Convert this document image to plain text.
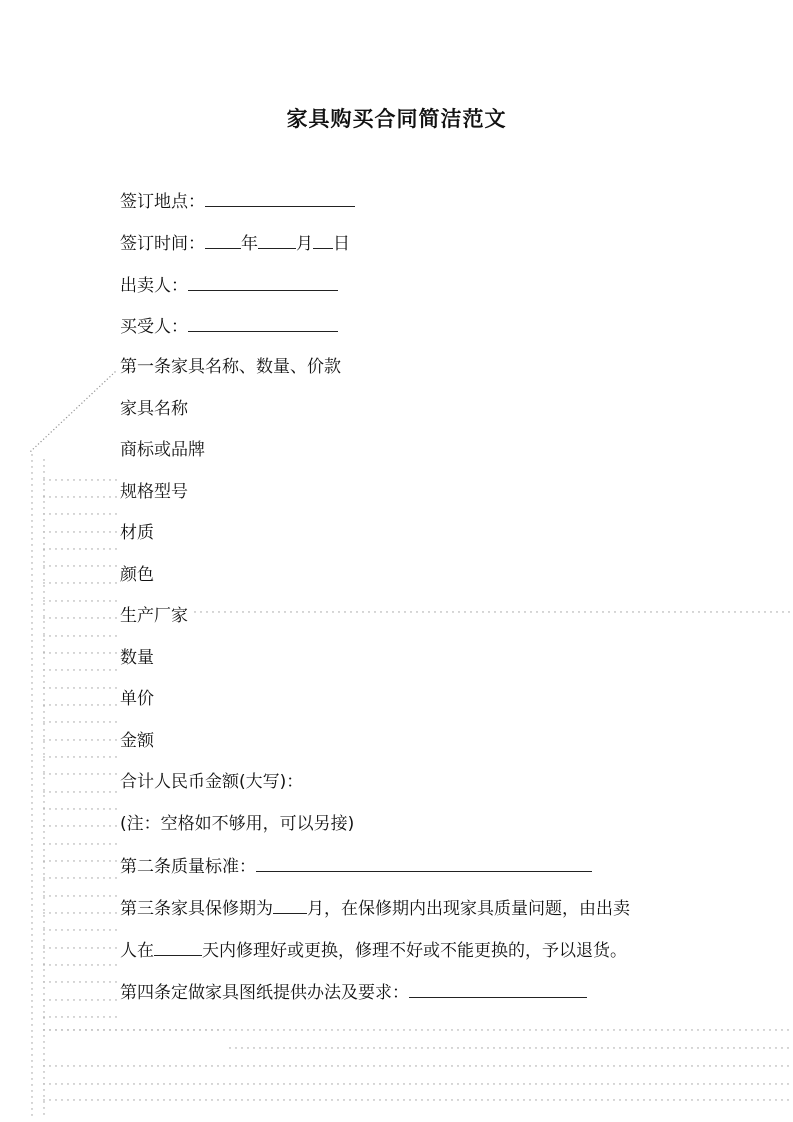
家具购买合同简洁范文
签订地点：
签订时间： 年 月 日
出卖人：
买受人：
第一条家具名称、数量、价款
家具名称
商标或品牌
规格型号
材质
颜色
生产厂家
数量
单价
金额
合计人民币金额(大写)：
(注：空格如不够用，可以另接)
第二条质量标准：
第三条家具保修期为 月，在保修期内出现家具质量问题，由出卖
人在	天内修理好或更换，修理不好或不能更换的，予以退货。
第四条定做家具图纸提供办法及要求：
